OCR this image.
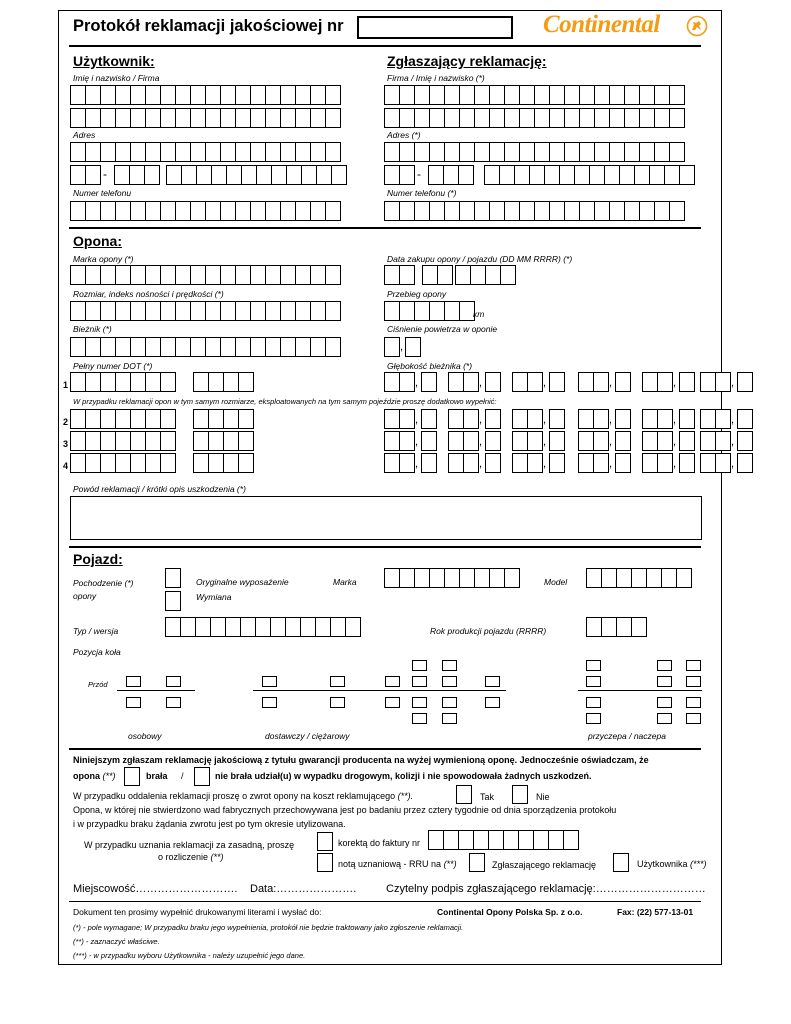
Protokół reklamacji jakościowej nr	Continental
Użytkownik:	Zgłaszający reklamację:
Imię i nazwisko / Firma	Firma / Imię i nazwisko (*)
Adres	Adres (*)
-	-
Numer telefonu	Numer telefonu (*)
Opona:
Marka opony (*)	Data zakupu opony / pojazdu (DD MM RRRR) (*)
Rozmiar, indeks nośności i prędkości (*)	Przebieg opony
km
Bieżnik (*)	Ciśnienie powietrza w oponie
,
Pełny numer DOT (*)	Głębokość bieżnika (*)
1	,	,	,	,	,	,
W przypadku reklamacji opon w tym samym rozmiarze, eksploatowanych na tym samym pojeździe proszę dodatkowo wypełnić:
2	,	,	,	,	,	,
3	,	,	,	,	,	,
4	,	,	,	,	,	,
Powód reklamacji / krótki opis uszkodzenia (*)
Pojazd:
Pochodzenie (*)
opony
Oryginalne wyposażenie
Wymiana
Marka	Model
Typ / wersja	Rok produkcji pojazdu (RRRR)
Pozycja koła
Przód
osobowy	dostawczy / ciężarowy	przyczepa / naczepa
Niniejszym zgłaszam reklamację jakościową z tytułu gwarancji producenta na wyżej wymienioną oponę. Jednocześnie oświadczam, że
opona (**)	brała /	nie brała udział(u) w wypadku drogowym, kolizji i nie spowodowała żadnych uszkodzeń.
W przypadku oddalenia reklamacji proszę o zwrot opony na koszt reklamującego (**).	Tak	Nie
Opona, w której nie stwierdzono wad fabrycznych przechowywana jest po badaniu przez cztery tygodnie od dnia sporządzenia protokołu
i w przypadku braku żądania zwrotu jest po tym okresie utylizowana.
W przypadku uznania reklamacji za zasadną, proszę
o rozliczenie (**)
korektą do faktury nr
notą uznaniową - RRU na (**)	Zgłaszającego reklamację	Użytkownika (***)
Miejscowość………………………. Data:………………….	Czytelny podpis zgłaszającego reklamację:…………………………
Dokument ten prosimy wypełnić drukowanymi literami i wysłać do:	Continental Opony Polska Sp. z o.o.	Fax: (22) 577-13-01
(*) - pole wymagane; W przypadku braku jego wypełnienia, protokół nie będzie traktowany jako zgłoszenie reklamacji.
(**) - zaznaczyć właściwe.
(***) - w przypadku wyboru Użytkownika - należy uzupełnić jego dane.
